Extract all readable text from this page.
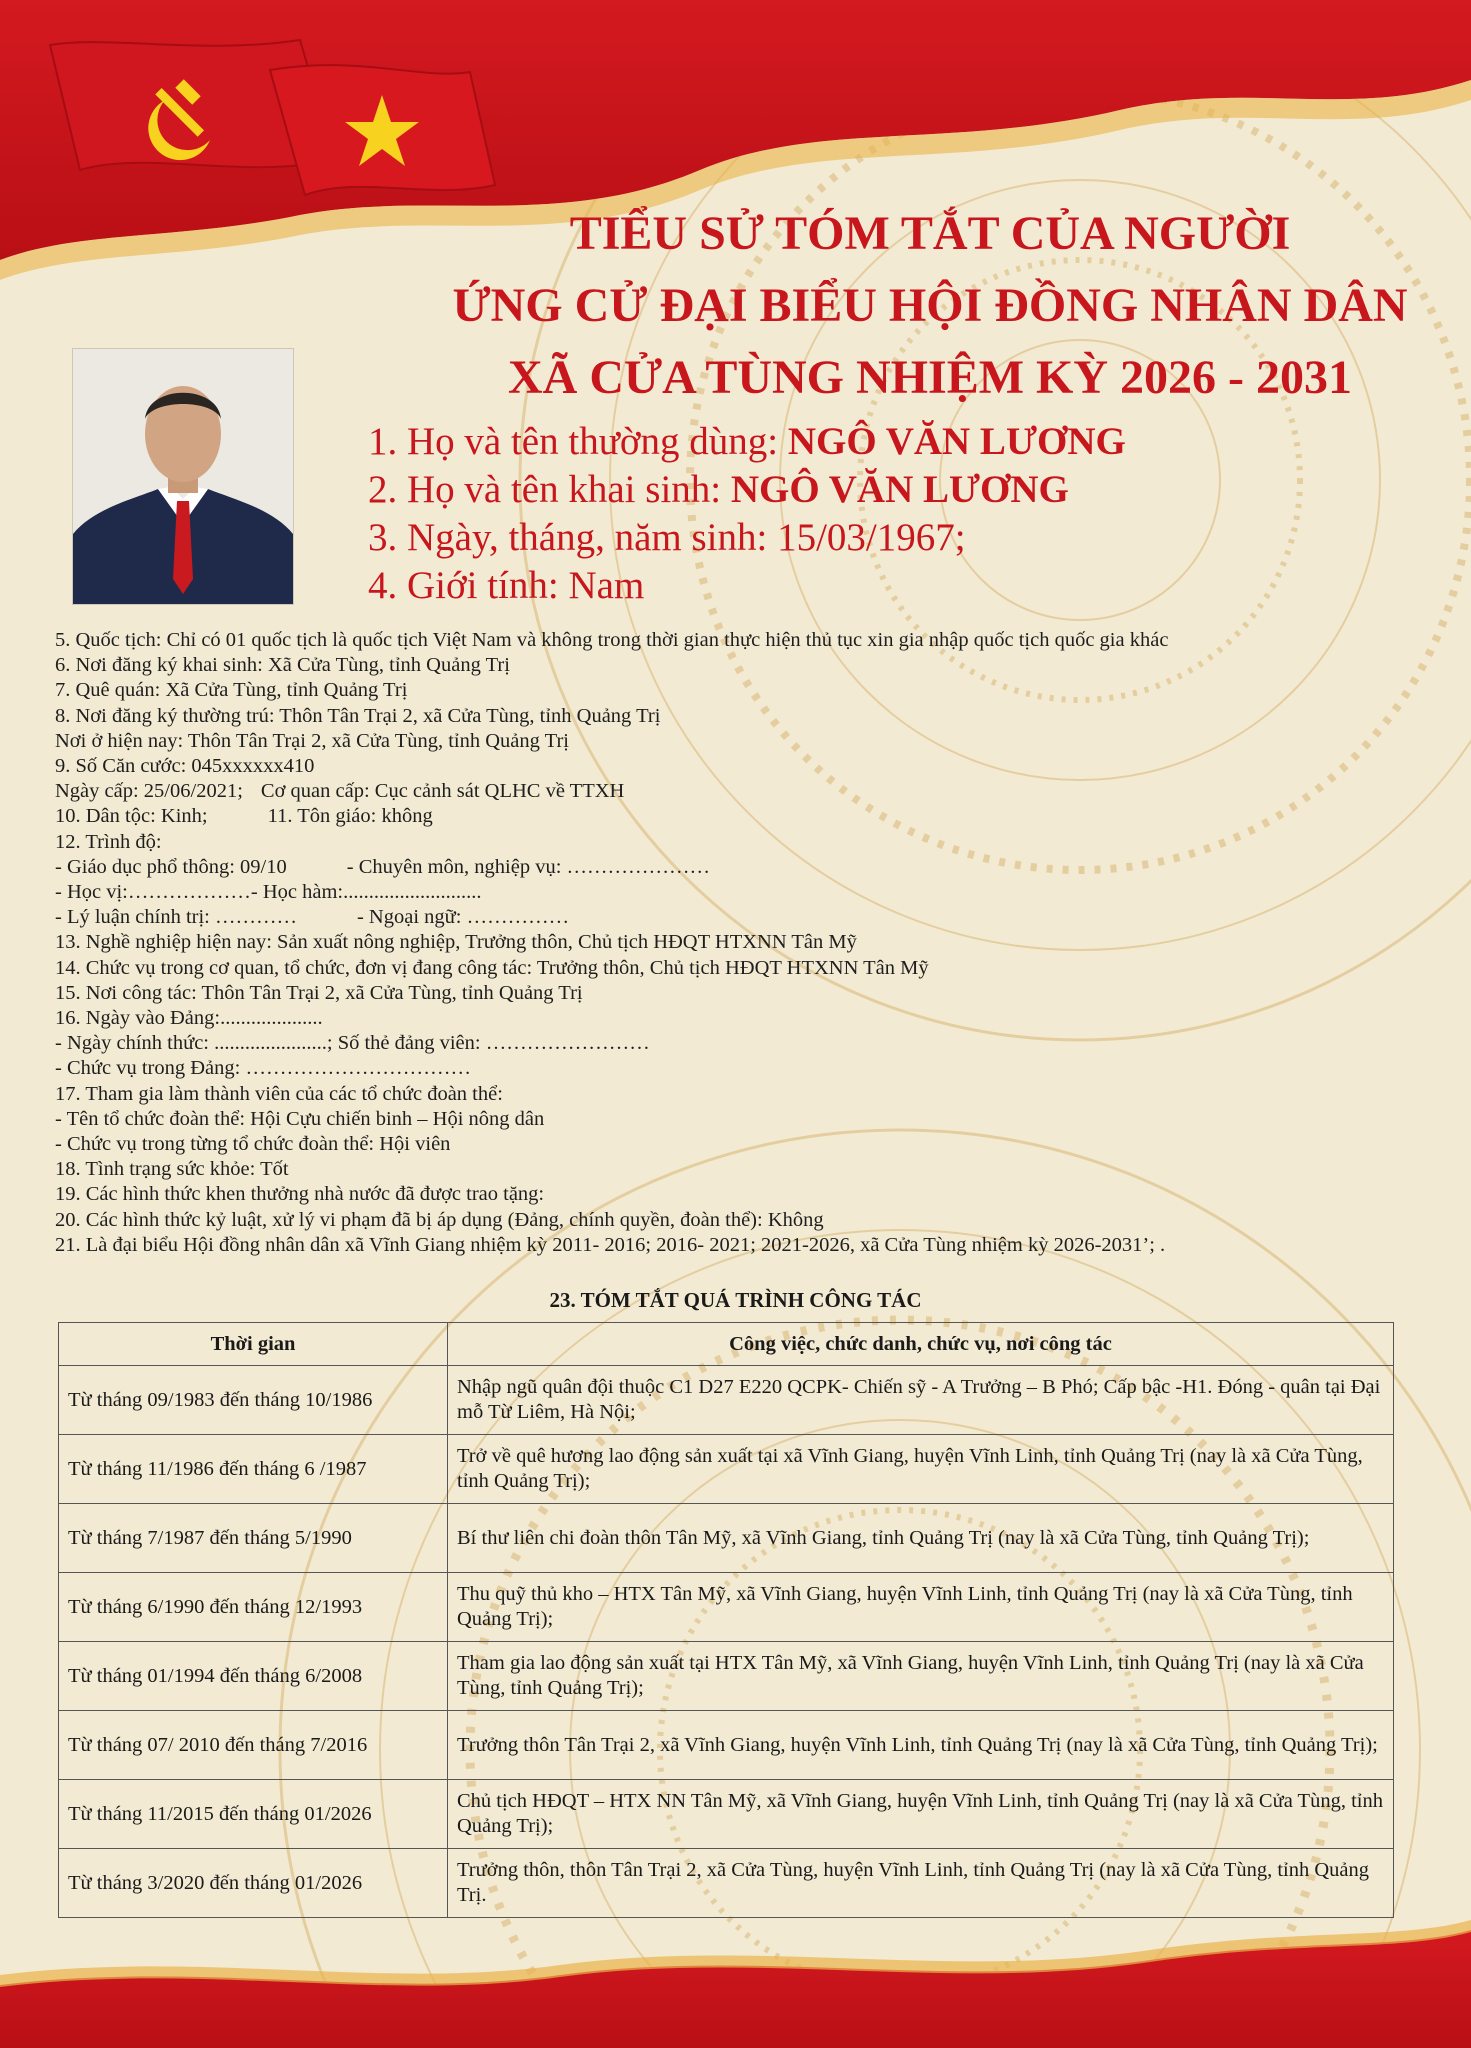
TIỂU SỬ TÓM TẮT CỦA NGƯỜI
ỨNG CỬ ĐẠI BIỂU HỘI ĐỒNG NHÂN DÂN
XÃ CỬA TÙNG NHIỆM KỲ 2026 - 2031
1. Họ và tên thường dùng: NGÔ VĂN LƯƠNG
2. Họ và tên khai sinh: NGÔ VĂN LƯƠNG
3. Ngày, tháng, năm sinh: 15/03/1967;
4. Giới tính: Nam
5. Quốc tịch: Chỉ có 01 quốc tịch là quốc tịch Việt Nam và không trong thời gian thực hiện thủ tục xin gia nhập quốc tịch quốc gia khác
6. Nơi đăng ký khai sinh: Xã Cửa Tùng, tỉnh Quảng Trị
7. Quê quán: Xã Cửa Tùng, tỉnh Quảng Trị
8. Nơi đăng ký thường trú: Thôn Tân Trại 2, xã Cửa Tùng, tỉnh Quảng Trị
Nơi ở hiện nay: Thôn Tân Trại 2, xã Cửa Tùng, tỉnh Quảng Trị
9. Số Căn cước: 045xxxxxx410
Ngày cấp: 25/06/2021; Cơ quan cấp: Cục cảnh sát QLHC về TTXH
10. Dân tộc: Kinh;	11. Tôn giáo: không
12. Trình độ:
- Giáo dục phổ thông: 09/10	- Chuyên môn, nghiệp vụ: …………………
- Học vị:………………- Học hàm:...........................
- Lý luận chính trị: …………	- Ngoại ngữ: ……………
13. Nghề nghiệp hiện nay: Sản xuất nông nghiệp, Trưởng thôn, Chủ tịch HĐQT HTXNN Tân Mỹ
14. Chức vụ trong cơ quan, tổ chức, đơn vị đang công tác: Trưởng thôn, Chủ tịch HĐQT HTXNN Tân Mỹ
15. Nơi công tác: Thôn Tân Trại 2, xã Cửa Tùng, tỉnh Quảng Trị
16. Ngày vào Đảng:....................
- Ngày chính thức: ......................; Số thẻ đảng viên: ……………………
- Chức vụ trong Đảng: ……………………………
17. Tham gia làm thành viên của các tổ chức đoàn thể:
- Tên tổ chức đoàn thể: Hội Cựu chiến binh – Hội nông dân
- Chức vụ trong từng tổ chức đoàn thể: Hội viên
18. Tình trạng sức khỏe: Tốt
19. Các hình thức khen thưởng nhà nước đã được trao tặng:
20. Các hình thức kỷ luật, xử lý vi phạm đã bị áp dụng (Đảng, chính quyền, đoàn thể): Không
21. Là đại biểu Hội đồng nhân dân xã Vĩnh Giang nhiệm kỳ 2011- 2016; 2016- 2021; 2021-2026, xã Cửa Tùng nhiệm kỳ 2026-2031’; .
23. TÓM TẮT QUÁ TRÌNH CÔNG TÁC
Thời gian	Công việc, chức danh, chức vụ, nơi công tác
Từ tháng 09/1983 đến tháng 10/1986	Nhập ngũ quân đội thuộc C1 D27 E220 QCPK- Chiến sỹ - A Trưởng – B Phó; Cấp bậc -H1. Đóng - quân tại Đại mỗ Từ Liêm, Hà Nội;
Từ tháng 11/1986 đến tháng 6 /1987	Trở về quê hương lao động sản xuất tại xã Vĩnh Giang, huyện Vĩnh Linh, tỉnh Quảng Trị (nay là xã Cửa Tùng, tỉnh Quảng Trị);
Từ tháng 7/1987 đến tháng 5/1990	Bí thư liên chi đoàn thôn Tân Mỹ, xã Vĩnh Giang, tỉnh Quảng Trị (nay là xã Cửa Tùng, tỉnh Quảng Trị);
Từ tháng 6/1990 đến tháng 12/1993	Thu quỹ thủ kho – HTX Tân Mỹ, xã Vĩnh Giang, huyện Vĩnh Linh, tỉnh Quảng Trị (nay là xã Cửa Tùng, tỉnh Quảng Trị);
Từ tháng 01/1994 đến tháng 6/2008	Tham gia lao động sản xuất tại HTX Tân Mỹ, xã Vĩnh Giang, huyện Vĩnh Linh, tỉnh Quảng Trị (nay là xã Cửa Tùng, tỉnh Quảng Trị);
Từ tháng 07/ 2010 đến tháng 7/2016	Trưởng thôn Tân Trại 2, xã Vĩnh Giang, huyện Vĩnh Linh, tỉnh Quảng Trị (nay là xã Cửa Tùng, tỉnh Quảng Trị);
Từ tháng 11/2015 đến tháng 01/2026	Chủ tịch HĐQT – HTX NN Tân Mỹ, xã Vĩnh Giang, huyện Vĩnh Linh, tỉnh Quảng Trị (nay là xã Cửa Tùng, tỉnh Quảng Trị);
Từ tháng 3/2020 đến tháng 01/2026	Trưởng thôn, thôn Tân Trại 2, xã Cửa Tùng, huyện Vĩnh Linh, tỉnh Quảng Trị (nay là xã Cửa Tùng, tỉnh Quảng Trị.
